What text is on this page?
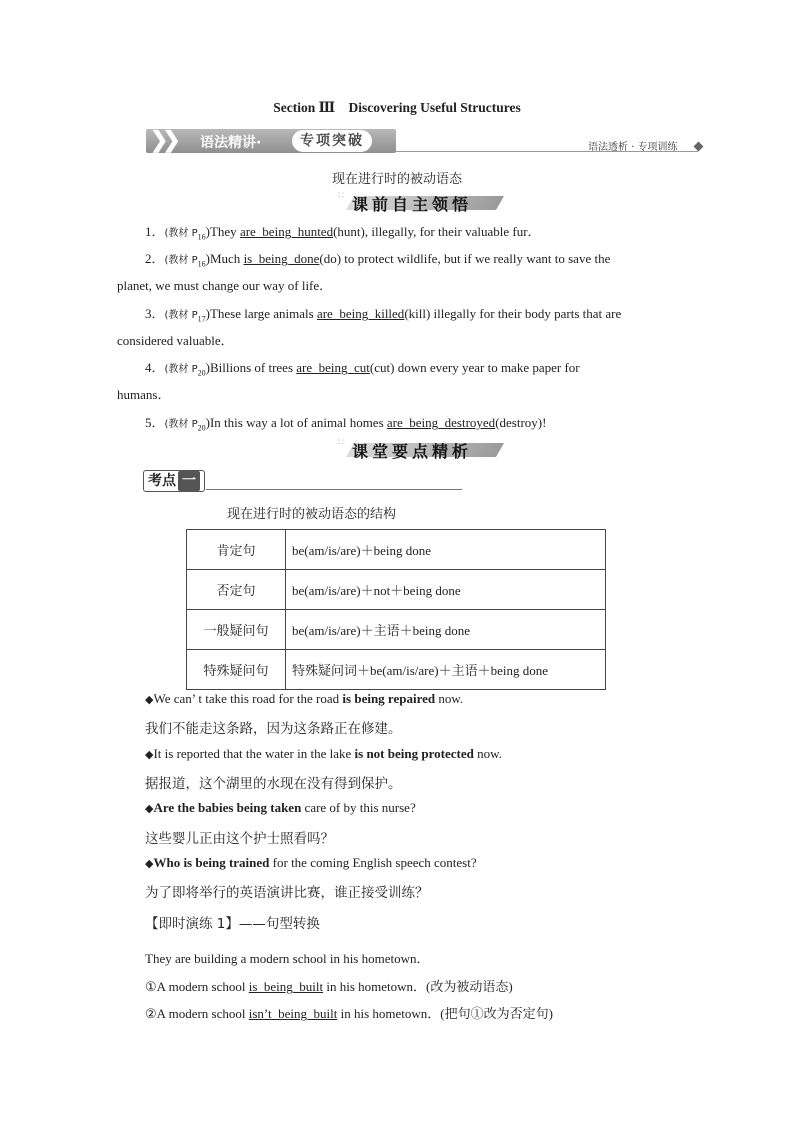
Section Ⅲ　Discovering Useful Structures
❯❯ 语法精讲·	专项突破	语法透析 · 专项训练
现在进行时的被动语态
∷ 课前自主领悟
1．(教材 $P_{16})They$ are_being_hunted(hunt), illegally, for their valuable fur．
2．(教材 $P_{16})Much$ is_being_done(do) to protect wildlife, but if we really want to save the
planet, we must change our way of life．
3．(教材 $P_{17})These$ large animals are_being_killed(kill) illegally for their body parts that are
considered valuable．
4．(教材 $P_{20})Billions$ of trees are_being_cut(cut) down every year to make paper for
humans．
5．(教材 $P_{20})In$ this way a lot of animal homes are_being_destroyed(destroy)!
∷ 课堂要点精析
考点 一
现在进行时的被动语态的结构
肯定句	be(am/is/are)＋being done
否定句	be(am/is/are)＋not＋being done
一般疑问句	be(am/is/are)＋主语＋being done
特殊疑问句	特殊疑问词＋be(am/is/are)＋主语＋being done
◆We can’ t take this road for the road is being repaired now.
我们不能走这条路，因为这条路正在修建。
◆It is reported that the water in the lake is not being protected now.
据报道，这个湖里的水现在没有得到保护。
◆Are the babies being taken care of by this nurse?
这些婴儿正由这个护士照看吗？
◆Who is being trained for the coming English speech contest?
为了即将举行的英语演讲比赛，谁正接受训练？
【即时演练 1】——句型转换
They are building a modern school in his hometown．
①A modern school is_being_built in his hometown．(改为被动语态)
②A modern school isn’t_being_built in his hometown．(把句①改为否定句)
